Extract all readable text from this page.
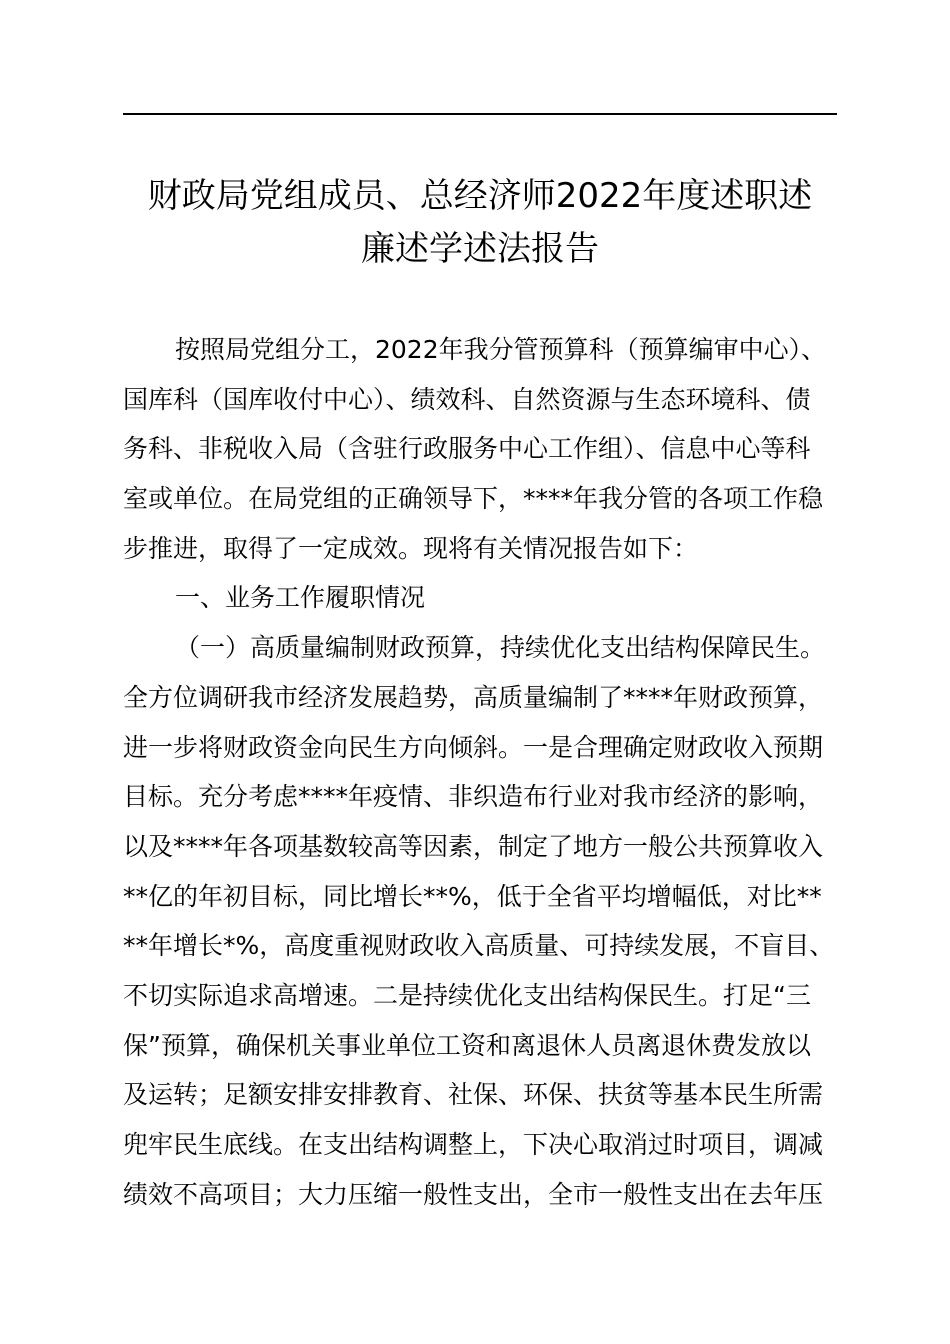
财政局党组成员、总经济师2022年度述职述
廉述学述法报告
按照局党组分工，2022年我分管预算科（预算编审中心）、
国库科（国库收付中心）、绩效科、自然资源与生态环境科、债
务科、非税收入局（含驻行政服务中心工作组）、信息中心等科
室或单位。在局党组的正确领导下，****年我分管的各项工作稳
步推进，取得了一定成效。现将有关情况报告如下：
一、业务工作履职情况
（一）高质量编制财政预算，持续优化支出结构保障民生。
全方位调研我市经济发展趋势，高质量编制了****年财政预算，
进一步将财政资金向民生方向倾斜。一是合理确定财政收入预期
目标。充分考虑****年疫情、非织造布行业对我市经济的影响，
以及****年各项基数较高等因素，制定了地方一般公共预算收入
**亿的年初目标，同比增长**%，低于全省平均增幅低，对比**
**年增长*%，高度重视财政收入高质量、可持续发展，不盲目、
不切实际追求高增速。二是持续优化支出结构保民生。打足“三
保”预算，确保机关事业单位工资和离退休人员离退休费发放以
及运转；足额安排安排教育、社保、环保、扶贫等基本民生所需
兜牢民生底线。在支出结构调整上，下决心取消过时项目，调减
绩效不高项目；大力压缩一般性支出，全市一般性支出在去年压
